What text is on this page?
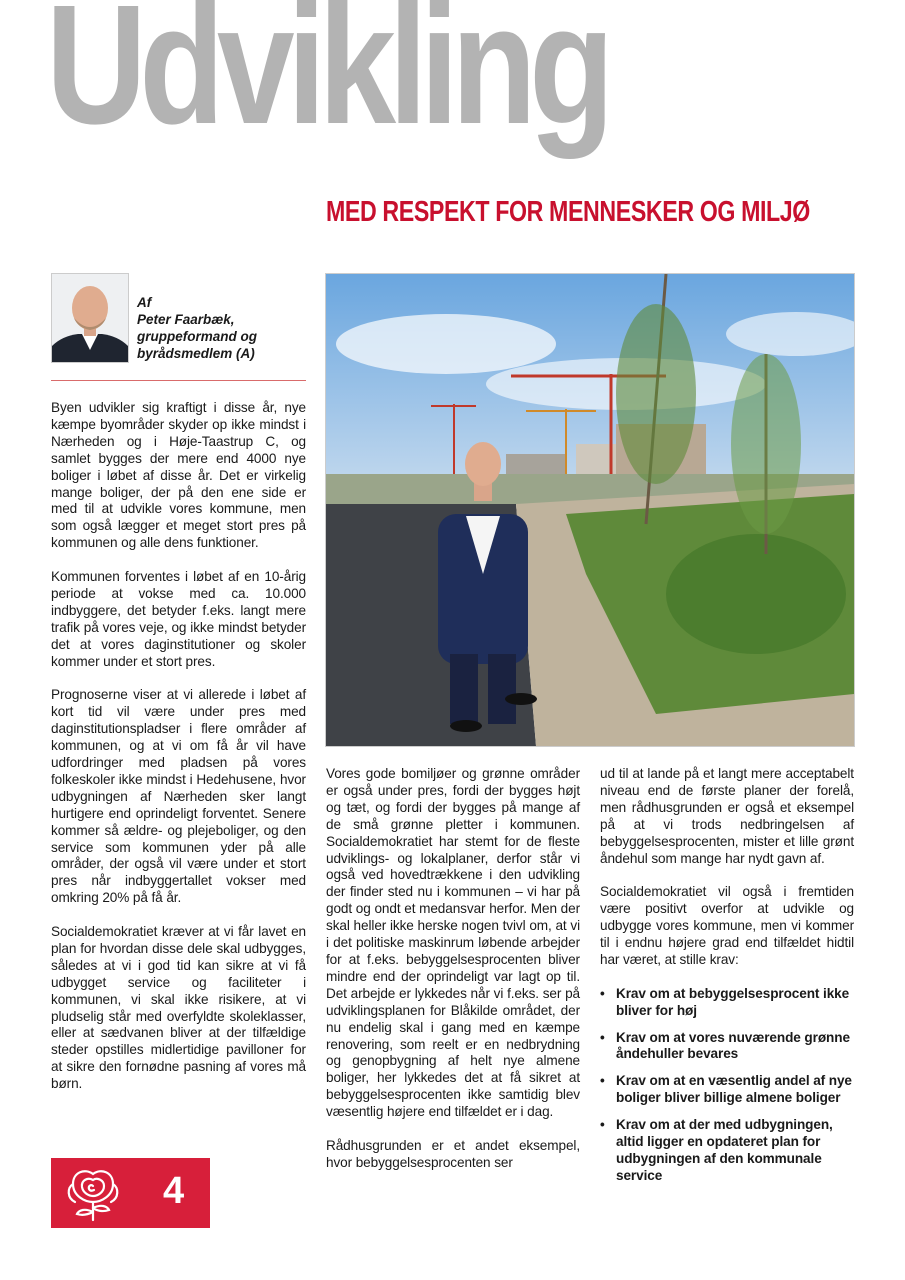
Udvikling
MED RESPEKT FOR MENNESKER OG MILJØ
Af
Peter Faarbæk,
gruppeformand og
byrådsmedlem (A)

Byen udvikler sig kraftigt i disse år, nye kæmpe byområder skyder op ikke mindst i Nærheden og i Høje-Taastrup C, og samlet bygges der mere end 4000 nye boliger i løbet af disse år. Det er virkelig mange boliger, der på den ene side er med til at udvikle vores kommune, men som også lægger et meget stort pres på kommunen og alle dens funktioner.

Kommunen forventes i løbet af en 10-årig periode at vokse med ca. 10.000 indbyggere, det betyder f.eks. langt mere trafik på vores veje, og ikke mindst betyder det at vores daginstitutioner og skoler kommer under et stort pres.

Prognoserne viser at vi allerede i løbet af kort tid vil være under pres med daginstitutionspladser i flere områder af kommunen, og at vi om få år vil have udfordringer med pladsen på vores folkeskoler ikke mindst i Hedehusene, hvor udbygningen af Nærheden sker langt hurtigere end oprindeligt forventet. Senere kommer så ældre- og plejeboliger, og den service som kommunen yder på alle områder, der også vil være under et stort pres når indbyggertallet vokser med omkring 20% på få år.

Socialdemokratiet kræver at vi får lavet en plan for hvordan disse dele skal udbygges, således at vi i god tid kan sikre at vi få udbygget service og faciliteter i kommunen, vi skal ikke risikere, at vi pludselig står med overfyldte skoleklasser, eller at sædvanen bliver at der tilfældige steder opstilles midlertidige pavilloner for at sikre den fornødne pasning af vores må børn.

Vores gode bomiljøer og grønne områder er også under pres, fordi der bygges højt og tæt, og fordi der bygges på mange af de små grønne pletter i kommunen. Socialdemokratiet har stemt for de fleste udviklings- og lokalplaner, derfor står vi også ved hovedtrækkene i den udvikling der finder sted nu i kommunen – vi har på godt og ondt et medansvar herfor. Men der skal heller ikke herske nogen tvivl om, at vi i det politiske maskinrum løbende arbejder for at f.eks. bebyggelsesprocenten bliver mindre end der oprindeligt var lagt op til. Det arbejde er lykkedes når vi f.eks. ser på udviklingsplanen for Blåkilde området, der nu endelig skal i gang med en kæmpe renovering, som reelt er en nedbrydning og genopbygning af helt nye almene boliger, her lykkedes det at få sikret at bebyggelsesprocenten ikke samtidig blev væsentlig højere end tilfældet er i dag.

Rådhusgrunden er et andet eksempel, hvor bebyggelsesprocenten ser

ud til at lande på et langt mere acceptabelt niveau end de første planer der forelå, men rådhusgrunden er også et eksempel på at vi trods nedbringelsen af bebyggelsesprocenten, mister et lille grønt åndehul som mange har nydt gavn af.

Socialdemokratiet vil også i fremtiden være positivt overfor at udvikle og udbygge vores kommune, men vi kommer til i endnu højere grad end tilfældet hidtil har været, at stille krav:

• Krav om at bebyggelsesprocent ikke bliver for høj
• Krav om at vores nuværende grønne åndehuller bevares
• Krav om at en væsentlig andel af nye boliger bliver billige almene boliger
• Krav om at der med udbygningen, altid ligger en opdateret plan for udbygningen af den kommunale service
4
